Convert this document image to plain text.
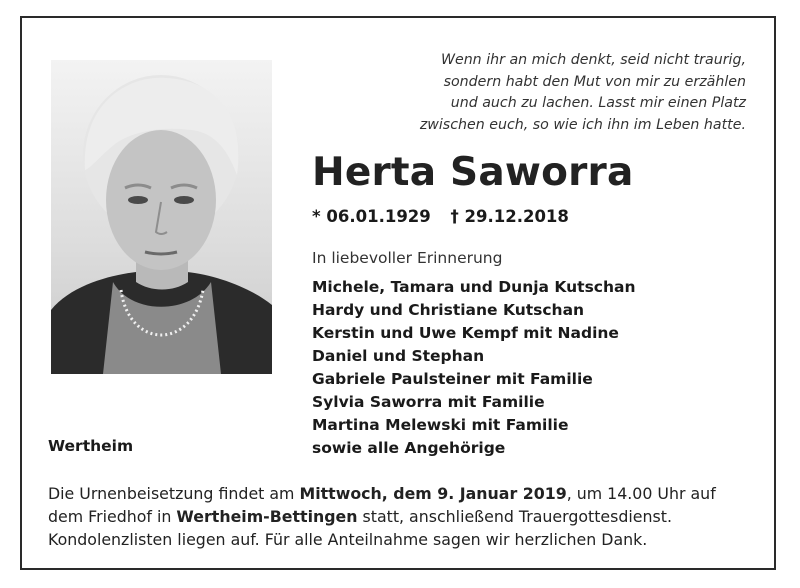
Wenn ihr an mich denkt, seid nicht traurig,
sondern habt den Mut von mir zu erzählen
und auch zu lachen. Lasst mir einen Platz
zwischen euch, so wie ich ihn im Leben hatte.
Herta Saworra
* 06.01.1929 † 29.12.2018
In liebevoller Erinnerung
Michele, Tamara und Dunja Kutschan
Hardy und Christiane Kutschan
Kerstin und Uwe Kempf mit Nadine
Daniel und Stephan
Gabriele Paulsteiner mit Familie
Sylvia Saworra mit Familie
Martina Melewski mit Familie
sowie alle Angehörige
Wertheim
Die Urnenbeisetzung findet am Mittwoch, dem 9. Januar 2019, um 14.00 Uhr auf
dem Friedhof in Wertheim-Bettingen statt, anschließend Trauergottesdienst.
Kondolenzlisten liegen auf. Für alle Anteilnahme sagen wir herzlichen Dank.
